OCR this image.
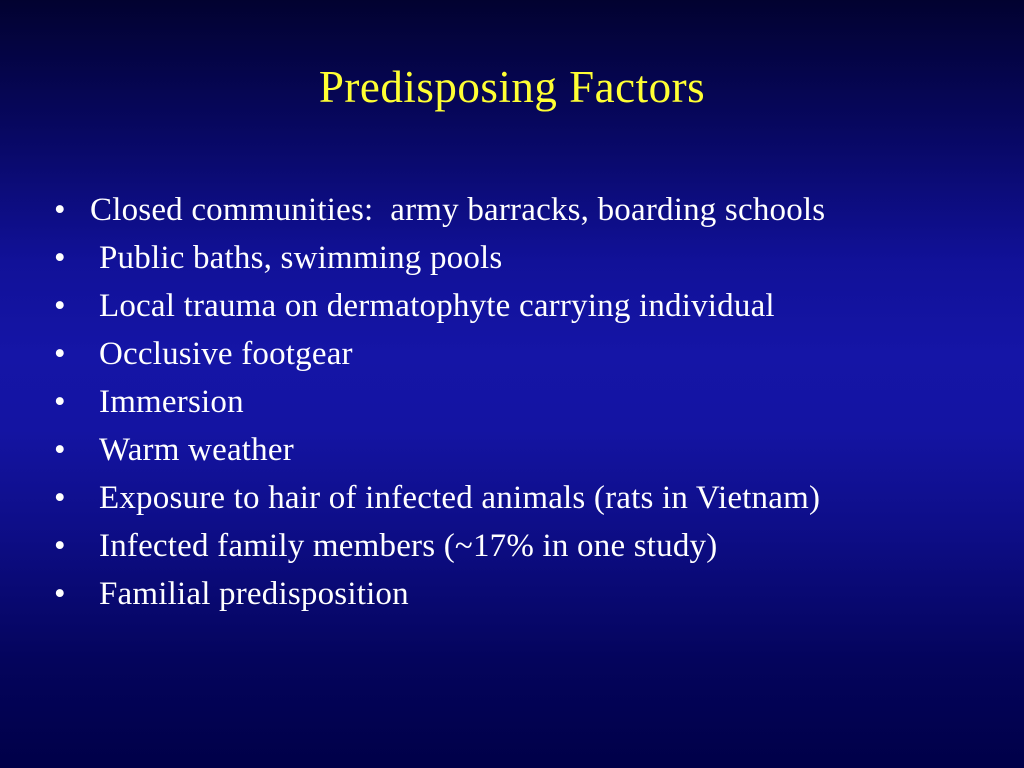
Predisposing Factors
• Closed communities:  army barracks, boarding schools
•	Public baths, swimming pools
•	Local trauma on dermatophyte carrying individual
•	Occlusive footgear
•	Immersion
•	Warm weather
•	Exposure to hair of infected animals (rats in Vietnam)
•	Infected family members (~17% in one study)
•	Familial predisposition
